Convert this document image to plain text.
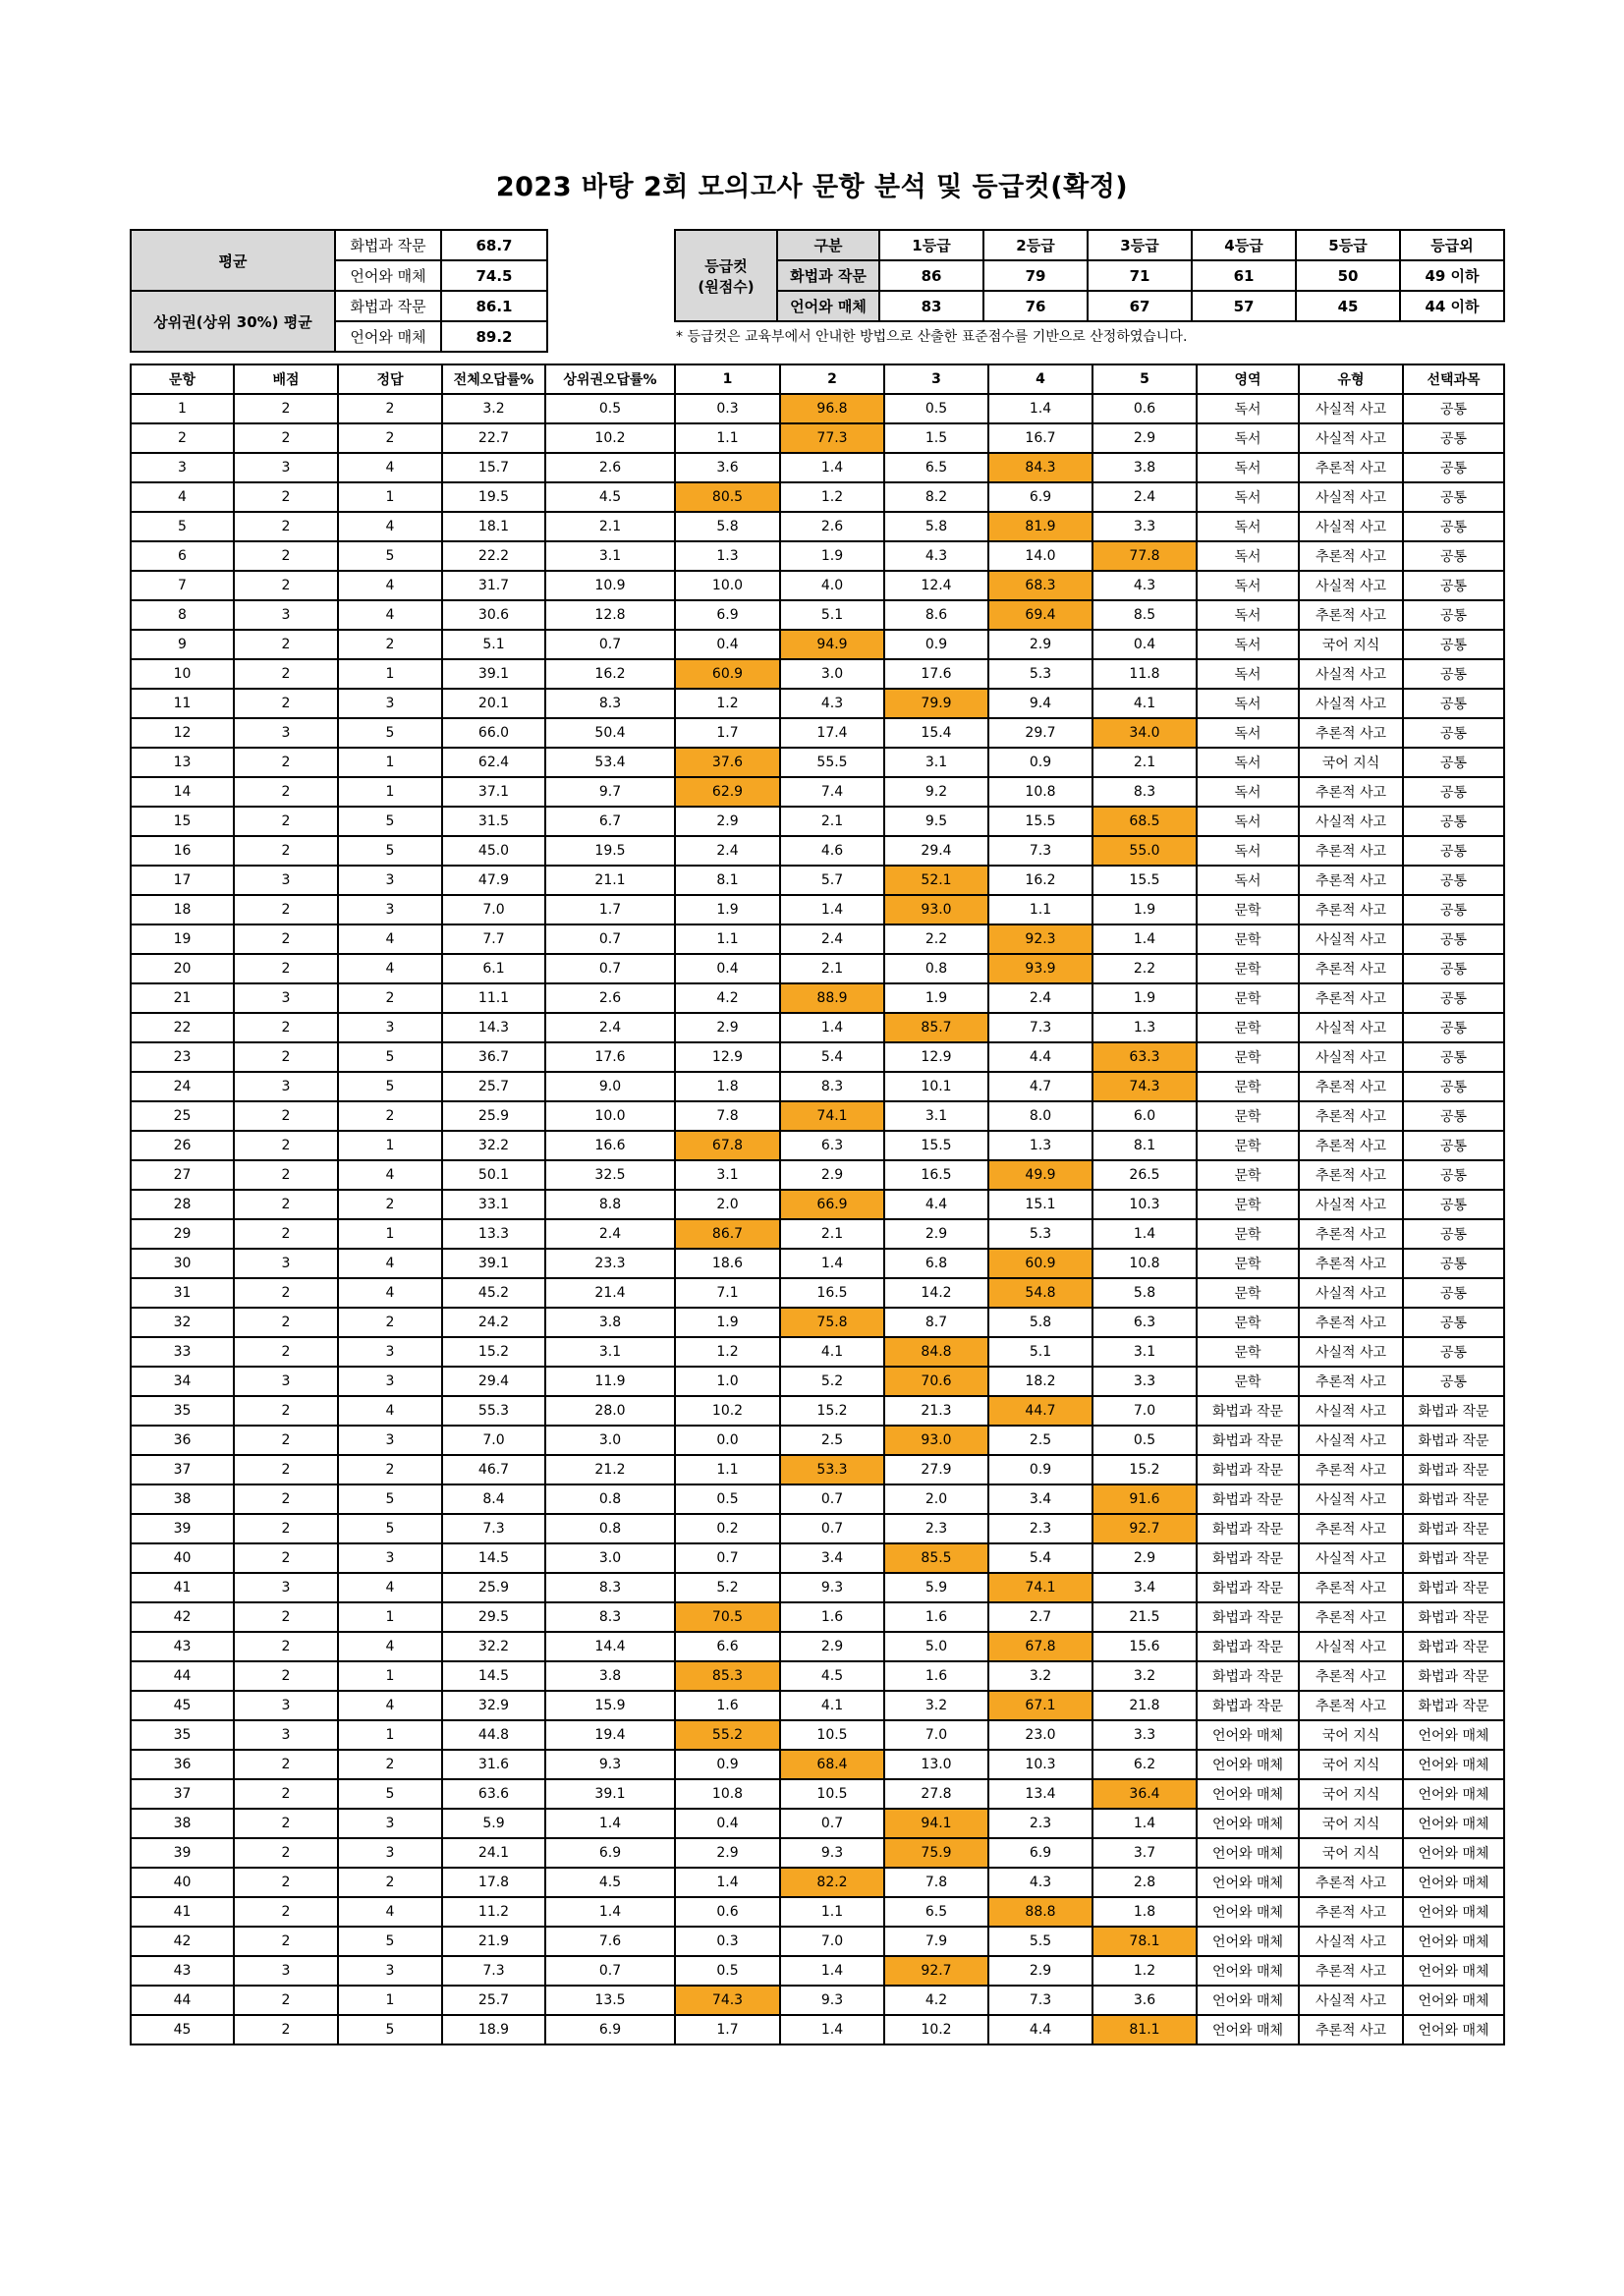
2023 바탕 2회 모의고사 문항 분석 및 등급컷(확정)
평균	화법과 작문	68.7
	언어와 매체	74.5
상위권(상위 30%) 평균	화법과 작문	86.1
	언어와 매체	89.2
등급컷
(원점수)	구분	1등급	2등급	3등급	4등급	5등급	등급외
	화법과 작문	86	79	71	61	50	49 이하
	언어와 매체	83	76	67	57	45	44 이하
* 등급컷은 교육부에서 안내한 방법으로 산출한 표준점수를 기반으로 산정하였습니다.
문항	배점	정답	전체오답률%	상위권오답률%	1	2	3	4	5	영역	유형	선택과목
1	2	2	3.2	0.5	0.3	96.8	0.5	1.4	0.6	독서	사실적 사고	공통
2	2	2	22.7	10.2	1.1	77.3	1.5	16.7	2.9	독서	사실적 사고	공통
3	3	4	15.7	2.6	3.6	1.4	6.5	84.3	3.8	독서	추론적 사고	공통
4	2	1	19.5	4.5	80.5	1.2	8.2	6.9	2.4	독서	사실적 사고	공통
5	2	4	18.1	2.1	5.8	2.6	5.8	81.9	3.3	독서	사실적 사고	공통
6	2	5	22.2	3.1	1.3	1.9	4.3	14.0	77.8	독서	추론적 사고	공통
7	2	4	31.7	10.9	10.0	4.0	12.4	68.3	4.3	독서	사실적 사고	공통
8	3	4	30.6	12.8	6.9	5.1	8.6	69.4	8.5	독서	추론적 사고	공통
9	2	2	5.1	0.7	0.4	94.9	0.9	2.9	0.4	독서	국어 지식	공통
10	2	1	39.1	16.2	60.9	3.0	17.6	5.3	11.8	독서	사실적 사고	공통
11	2	3	20.1	8.3	1.2	4.3	79.9	9.4	4.1	독서	사실적 사고	공통
12	3	5	66.0	50.4	1.7	17.4	15.4	29.7	34.0	독서	추론적 사고	공통
13	2	1	62.4	53.4	37.6	55.5	3.1	0.9	2.1	독서	국어 지식	공통
14	2	1	37.1	9.7	62.9	7.4	9.2	10.8	8.3	독서	추론적 사고	공통
15	2	5	31.5	6.7	2.9	2.1	9.5	15.5	68.5	독서	사실적 사고	공통
16	2	5	45.0	19.5	2.4	4.6	29.4	7.3	55.0	독서	추론적 사고	공통
17	3	3	47.9	21.1	8.1	5.7	52.1	16.2	15.5	독서	추론적 사고	공통
18	2	3	7.0	1.7	1.9	1.4	93.0	1.1	1.9	문학	추론적 사고	공통
19	2	4	7.7	0.7	1.1	2.4	2.2	92.3	1.4	문학	사실적 사고	공통
20	2	4	6.1	0.7	0.4	2.1	0.8	93.9	2.2	문학	추론적 사고	공통
21	3	2	11.1	2.6	4.2	88.9	1.9	2.4	1.9	문학	추론적 사고	공통
22	2	3	14.3	2.4	2.9	1.4	85.7	7.3	1.3	문학	사실적 사고	공통
23	2	5	36.7	17.6	12.9	5.4	12.9	4.4	63.3	문학	사실적 사고	공통
24	3	5	25.7	9.0	1.8	8.3	10.1	4.7	74.3	문학	추론적 사고	공통
25	2	2	25.9	10.0	7.8	74.1	3.1	8.0	6.0	문학	추론적 사고	공통
26	2	1	32.2	16.6	67.8	6.3	15.5	1.3	8.1	문학	추론적 사고	공통
27	2	4	50.1	32.5	3.1	2.9	16.5	49.9	26.5	문학	추론적 사고	공통
28	2	2	33.1	8.8	2.0	66.9	4.4	15.1	10.3	문학	사실적 사고	공통
29	2	1	13.3	2.4	86.7	2.1	2.9	5.3	1.4	문학	추론적 사고	공통
30	3	4	39.1	23.3	18.6	1.4	6.8	60.9	10.8	문학	추론적 사고	공통
31	2	4	45.2	21.4	7.1	16.5	14.2	54.8	5.8	문학	사실적 사고	공통
32	2	2	24.2	3.8	1.9	75.8	8.7	5.8	6.3	문학	추론적 사고	공통
33	2	3	15.2	3.1	1.2	4.1	84.8	5.1	3.1	문학	사실적 사고	공통
34	3	3	29.4	11.9	1.0	5.2	70.6	18.2	3.3	문학	추론적 사고	공통
35	2	4	55.3	28.0	10.2	15.2	21.3	44.7	7.0	화법과 작문	사실적 사고	화법과 작문
36	2	3	7.0	3.0	0.0	2.5	93.0	2.5	0.5	화법과 작문	사실적 사고	화법과 작문
37	2	2	46.7	21.2	1.1	53.3	27.9	0.9	15.2	화법과 작문	추론적 사고	화법과 작문
38	2	5	8.4	0.8	0.5	0.7	2.0	3.4	91.6	화법과 작문	사실적 사고	화법과 작문
39	2	5	7.3	0.8	0.2	0.7	2.3	2.3	92.7	화법과 작문	추론적 사고	화법과 작문
40	2	3	14.5	3.0	0.7	3.4	85.5	5.4	2.9	화법과 작문	사실적 사고	화법과 작문
41	3	4	25.9	8.3	5.2	9.3	5.9	74.1	3.4	화법과 작문	추론적 사고	화법과 작문
42	2	1	29.5	8.3	70.5	1.6	1.6	2.7	21.5	화법과 작문	추론적 사고	화법과 작문
43	2	4	32.2	14.4	6.6	2.9	5.0	67.8	15.6	화법과 작문	사실적 사고	화법과 작문
44	2	1	14.5	3.8	85.3	4.5	1.6	3.2	3.2	화법과 작문	추론적 사고	화법과 작문
45	3	4	32.9	15.9	1.6	4.1	3.2	67.1	21.8	화법과 작문	추론적 사고	화법과 작문
35	3	1	44.8	19.4	55.2	10.5	7.0	23.0	3.3	언어와 매체	국어 지식	언어와 매체
36	2	2	31.6	9.3	0.9	68.4	13.0	10.3	6.2	언어와 매체	국어 지식	언어와 매체
37	2	5	63.6	39.1	10.8	10.5	27.8	13.4	36.4	언어와 매체	국어 지식	언어와 매체
38	2	3	5.9	1.4	0.4	0.7	94.1	2.3	1.4	언어와 매체	국어 지식	언어와 매체
39	2	3	24.1	6.9	2.9	9.3	75.9	6.9	3.7	언어와 매체	국어 지식	언어와 매체
40	2	2	17.8	4.5	1.4	82.2	7.8	4.3	2.8	언어와 매체	추론적 사고	언어와 매체
41	2	4	11.2	1.4	0.6	1.1	6.5	88.8	1.8	언어와 매체	추론적 사고	언어와 매체
42	2	5	21.9	7.6	0.3	7.0	7.9	5.5	78.1	언어와 매체	사실적 사고	언어와 매체
43	3	3	7.3	0.7	0.5	1.4	92.7	2.9	1.2	언어와 매체	추론적 사고	언어와 매체
44	2	1	25.7	13.5	74.3	9.3	4.2	7.3	3.6	언어와 매체	사실적 사고	언어와 매체
45	2	5	18.9	6.9	1.7	1.4	10.2	4.4	81.1	언어와 매체	추론적 사고	언어와 매체
